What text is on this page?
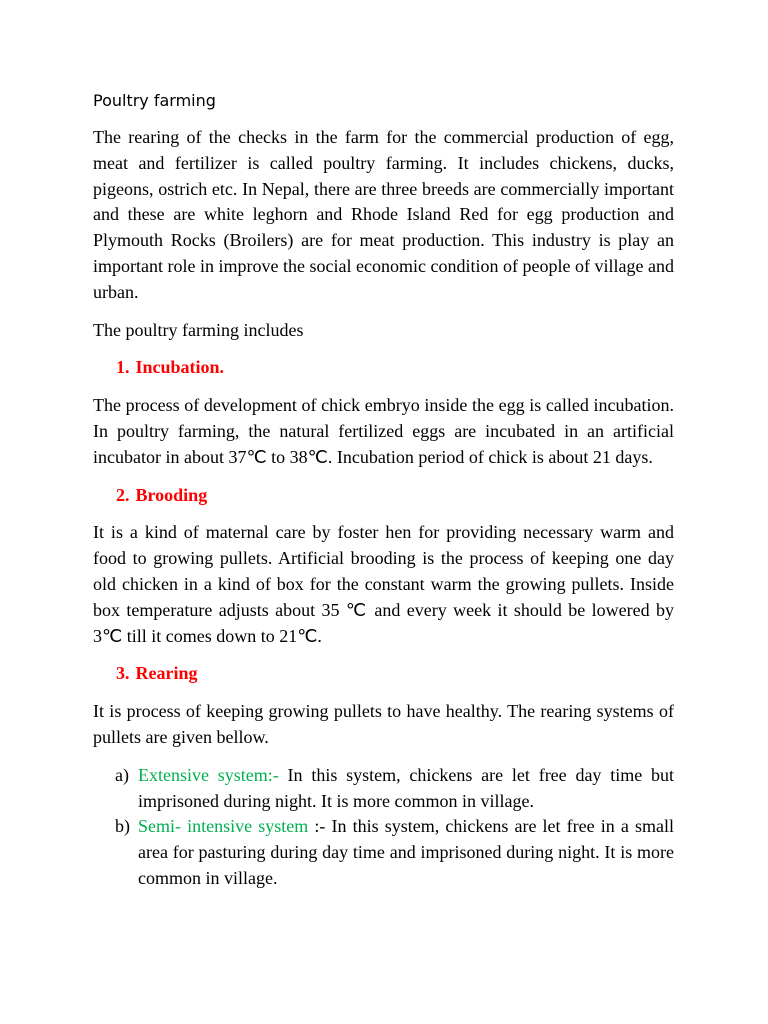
Poultry farming

The rearing of the checks in the farm for the commercial production of egg, meat and fertilizer is called poultry farming. It includes chickens, ducks, pigeons, ostrich etc. In Nepal, there are three breeds are commercially important and these are white leghorn and Rhode Island Red for egg production and Plymouth Rocks (Broilers) are for meat production. This industry is play an important role in improve the social economic condition of people of village and urban.

The poultry farming includes

1. Incubation.

The process of development of chick embryo inside the egg is called incubation. In poultry farming, the natural fertilized eggs are incubated in an artificial incubator in about 37℃ to 38℃. Incubation period of chick is about 21 days.

2. Brooding

It is a kind of maternal care by foster hen for providing necessary warm and food to growing pullets. Artificial brooding is the process of keeping one day old chicken in a kind of box for the constant warm the growing pullets. Inside box temperature adjusts about 35 ℃ and every week it should be lowered by 3℃ till it comes down to 21℃.

3. Rearing

It is process of keeping growing pullets to have healthy. The rearing systems of pullets are given bellow.

a) Extensive system:- In this system, chickens are let free day time but imprisoned during night. It is more common in village.
b) Semi- intensive system :- In this system, chickens are let free in a small area for pasturing during day time and imprisoned during night. It is more common in village.
